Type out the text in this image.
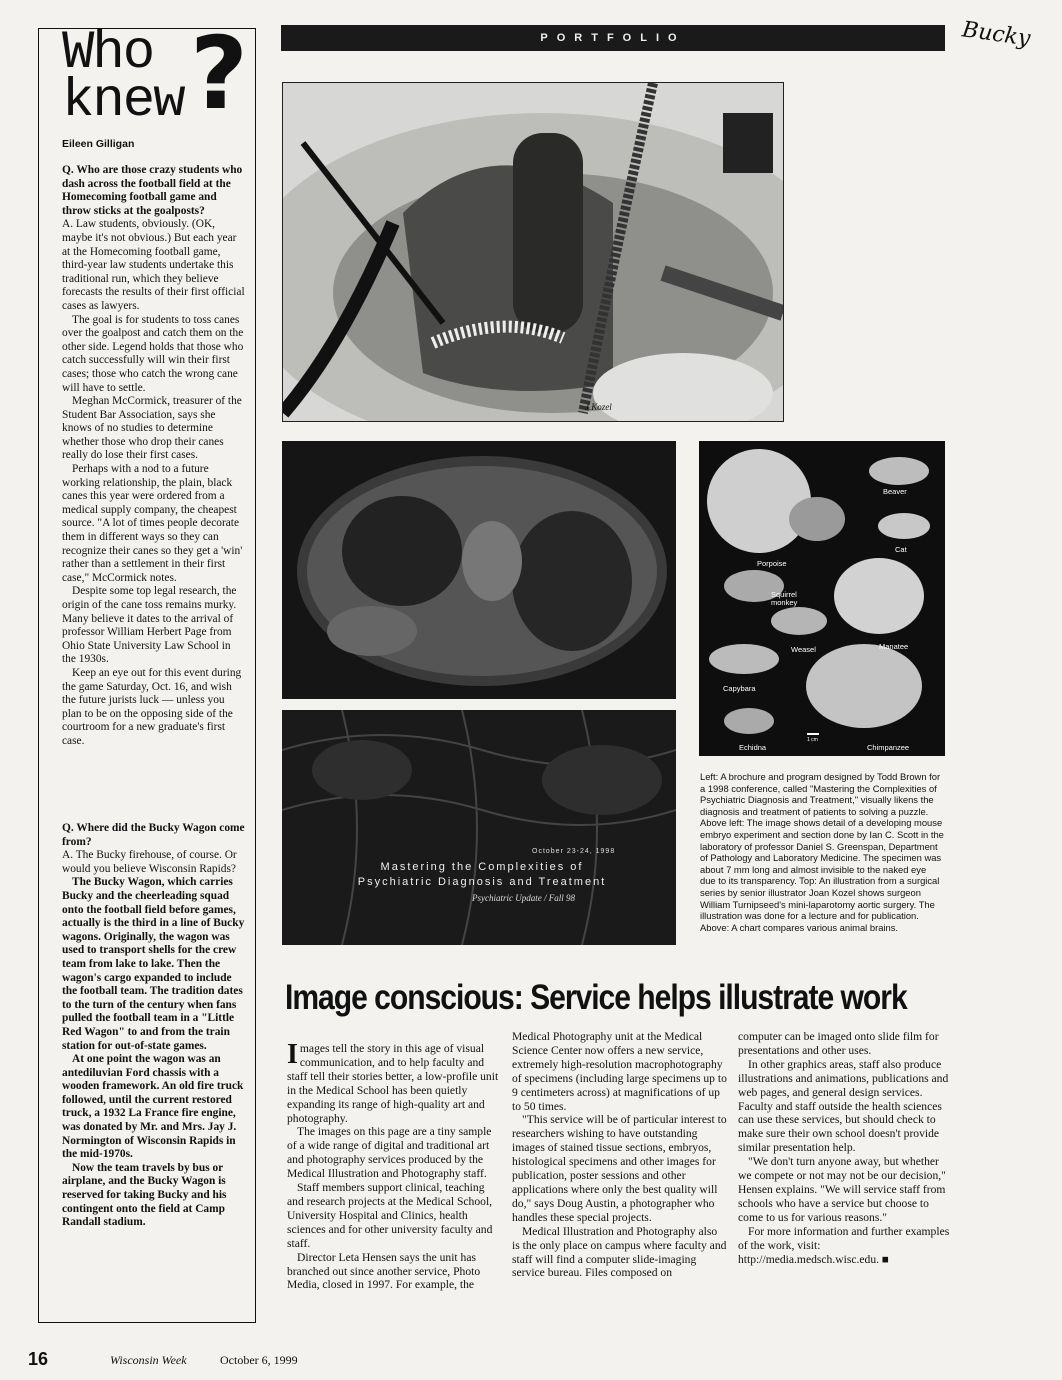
Who
knew ?
Eileen Gilligan

Q. Who are those crazy students who dash across the football field at the Homecoming football game and throw sticks at the goalposts?

A. Law students, obviously. (OK, maybe it's not obvious.) But each year at the Homecoming football game, third-year law students undertake this traditional run, which they believe forecasts the results of their first official cases as lawyers.

The goal is for students to toss canes over the goalpost and catch them on the other side. Legend holds that those who catch successfully will win their first cases; those who catch the wrong cane will have to settle.

Meghan McCormick, treasurer of the Student Bar Association, says she knows of no studies to determine whether those who drop their canes really do lose their first cases.

Perhaps with a nod to a future working relationship, the plain, black canes this year were ordered from a medical supply company, the cheapest source. "A lot of times people decorate them in different ways so they can recognize their canes so they get a 'win' rather than a settlement in their first case," McCormick notes.

Despite some top legal research, the origin of the cane toss remains murky. Many believe it dates to the arrival of professor William Herbert Page from Ohio State University Law School in the 1930s.

Keep an eye out for this event during the game Saturday, Oct. 16, and wish the future jurists luck — unless you plan to be on the opposing side of the courtroom for a new graduate's first case.

Q. Where did the Bucky Wagon come from?

A. The Bucky firehouse, of course. Or would you believe Wisconsin Rapids?

The Bucky Wagon, which carries Bucky and the cheerleading squad onto the football field before games, actually is the third in a line of Bucky wagons. Originally, the wagon was used to transport shells for the crew team from lake to lake. Then the wagon's cargo expanded to include the football team. The tradition dates to the turn of the century when fans pulled the football team in a "Little Red Wagon" to and from the train station for out-of-state games.

At one point the wagon was an antediluvian Ford chassis with a wooden framework. An old fire truck followed, until the current restored truck, a 1932 La France fire engine, was donated by Mr. and Mrs. Jay J. Normington of Wisconsin Rapids in the mid-1970s.

Now the team travels by bus or airplane, and the Bucky Wagon is reserved for taking Bucky and his contingent onto the field at Camp Randall stadium.

PORTFOLIO	Bucky
J.Kozel
October 23-24, 1998
Mastering the Complexities of
Psychiatric Diagnosis and Treatment
Psychiatric Update / Fall 98
Beaver
Porpoise
Cat
Squirrel monkey
Manatee
Weasel
Capybara
Echidna
1 cm
Chimpanzee
Left: A brochure and program designed by Todd Brown for a 1998 conference, called "Mastering the Complexities of Psychiatric Diagnosis and Treatment," visually likens the diagnosis and treatment of patients to solving a puzzle. Above left: The image shows detail of a developing mouse embryo experiment and section done by Ian C. Scott in the laboratory of professor Daniel S. Greenspan, Department of Pathology and Laboratory Medicine. The specimen was about 7 mm long and almost invisible to the naked eye due to its transparency. Top: An illustration from a surgical series by senior illustrator Joan Kozel shows surgeon William Turnipseed's mini-laparotomy aortic surgery. The illustration was done for a lecture and for publication. Above: A chart compares various animal brains.
Image conscious: Service helps illustrate work

Images tell the story in this age of visual communication, and to help faculty and staff tell their stories better, a low-profile unit in the Medical School has been quietly expanding its range of high-quality art and photography.

The images on this page are a tiny sample of a wide range of digital and traditional art and photography services produced by the Medical Illustration and Photography staff.

Staff members support clinical, teaching and research projects at the Medical School, University Hospital and Clinics, health sciences and for other university faculty and staff.

Director Leta Hensen says the unit has branched out since another service, Photo Media, closed in 1997. For example, the

Medical Photography unit at the Medical Science Center now offers a new service, extremely high-resolution macrophotography of specimens (including large specimens up to 9 centimeters across) at magnifications of up to 50 times.

"This service will be of particular interest to researchers wishing to have outstanding images of stained tissue sections, embryos, histological specimens and other images for publication, poster sessions and other applications where only the best quality will do," says Doug Austin, a photographer who handles these special projects.

Medical Illustration and Photography also is the only place on campus where faculty and staff will find a computer slide-imaging service bureau. Files composed on

computer can be imaged onto slide film for presentations and other uses.

In other graphics areas, staff also produce illustrations and animations, publications and web pages, and general design services. Faculty and staff outside the health sciences can use these services, but should check to make sure their own school doesn't provide similar presentation help.

"We don't turn anyone away, but whether we compete or not may not be our decision," Hensen explains. "We will service staff from schools who have a service but choose to come to us for various reasons."

For more information and further examples of the work, visit: http://media.medsch.wisc.edu. ■

16	Wisconsin Week	October 6, 1999
